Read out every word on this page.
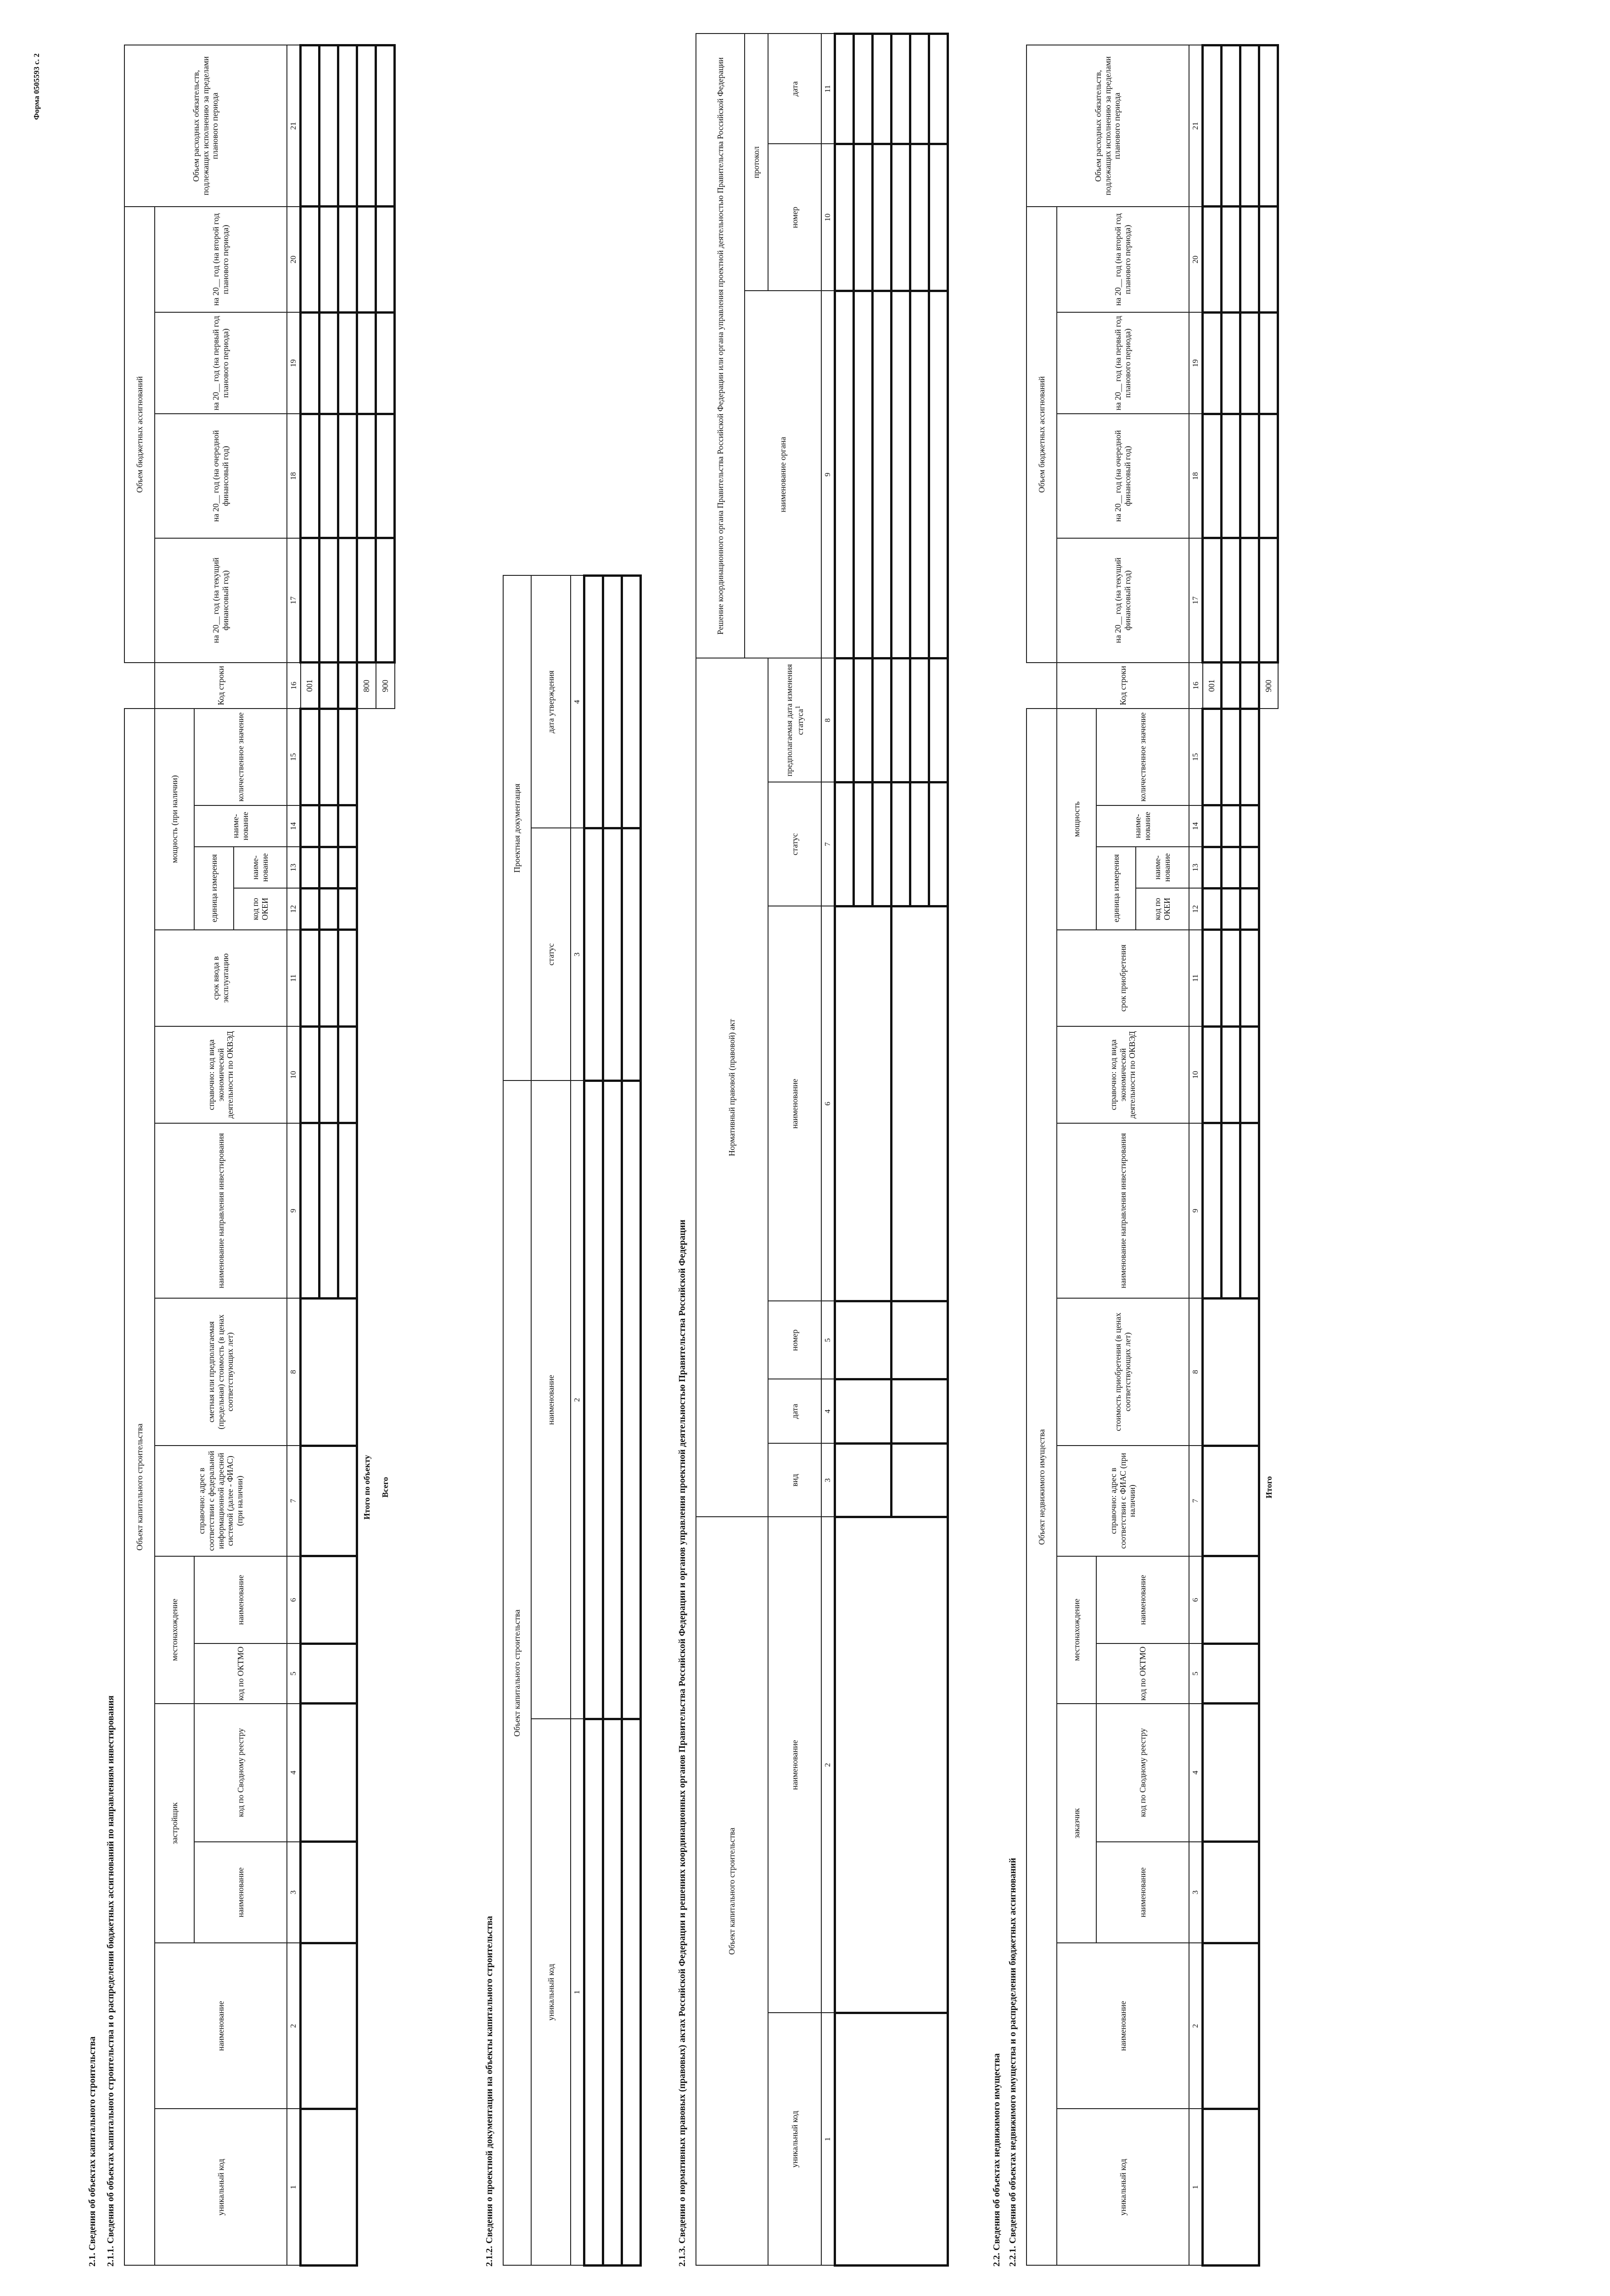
Форма 0505593 с. 2
2.1. Сведения об объектах капитального строительства 2.1.1. Сведения об объектах капитального строительства и о распределении бюджетных ассигнований по направлениям инвестирования
Объект капитального строительства																Объем бюджетных ассигнований				Объем расходных обязательств, подлежащих исполнению за пределами планового периода
уникальный код	наименование	застройщик		местонахождение		справочно: адрес в соответствии с федеральной информационной адресной системой (далее - ФИАС) (при наличии)	сметная или предполагаемая (предельная) стоимость (в ценах соответствующих лет)	наименование направления инвестирования	справочно: код вида экономической деятельности по ОКВЭД	срок ввода в эксплуатацию	мощность (при наличии)				Код строки	на 20__ год (на текущий финансовый год)	на 20__ год (на очередной финансовый год)	на 20__ год (на первый год планового периода)	на 20__ год (на второй год планового периода)	
		наименование	код по Сводному реестру	код по ОКТМО	наименование						единица измерения		наиме-нование	количественное значение						
											код по ОКЕИ	наиме-нование								
1	2	3	4	5	6	7	8	9	10	11	12	13	14	15	16	17	18	19	20	21
															001					

Итого по объекту															800					
Всего															900					
2.1.2. Сведения о проектной документации на объекты капитального строительства
Объект капитального строительства		Проектная документация	
уникальный код	наименование	статус	дата утверждения
1	2	3	4

2.1.3. Сведения о нормативных правовых (правовых) актах Российской Федерации и решениях координационных органов Правительства Российской Федерации и органов управления проектной деятельностью Правительства Российской Федерации	Объект капитального строительства		Нормативный правовой (правовой) акт						Решение координационного органа Правительства Российской Федерации или органа управления проектной деятельностью Правительства Российской Федерации		
								наименование органа	протокол	
уникальный код	наименование	вид	дата	номер	наименование	статус	предполагаемая дата изменения статуса$^1$		номер	дата
1	2	3	4	5	6	7	8	9	10	11

2.2. Сведения об объектах недвижимого имущества 2.2.1. Сведения об объектах недвижимого имущества и о распределении бюджетных ассигнований
Объект недвижимого имущества																Объем бюджетных ассигнований				Объем расходных обязательств, подлежащих исполнению за пределами планового периода
уникальный код	наименование	заказчик		местонахождение		справочно: адрес в соответствии с ФИАС (при наличии)	стоимость приобретения (в ценах соответствующих лет)	наименование направления инвестирования	справочно: код вида экономической деятельности по ОКВЭД	срок приобретения	мощность				Код строки	на 20__ год (на текущий финансовый год)	на 20__ год (на очередной финансовый год)	на 20__ год (на первый год планового периода)	на 20__ год (на второй год планового периода)	
		наименование	код по Сводному реестру	код по ОКТМО	наименование						единица измерения		наиме-нование	количественное значение						
											код по ОКЕИ	наиме-нование								
1	2	3	4	5	6	7	8	9	10	11	12	13	14	15	16	17	18	19	20	21
															001					

Итого															900					
